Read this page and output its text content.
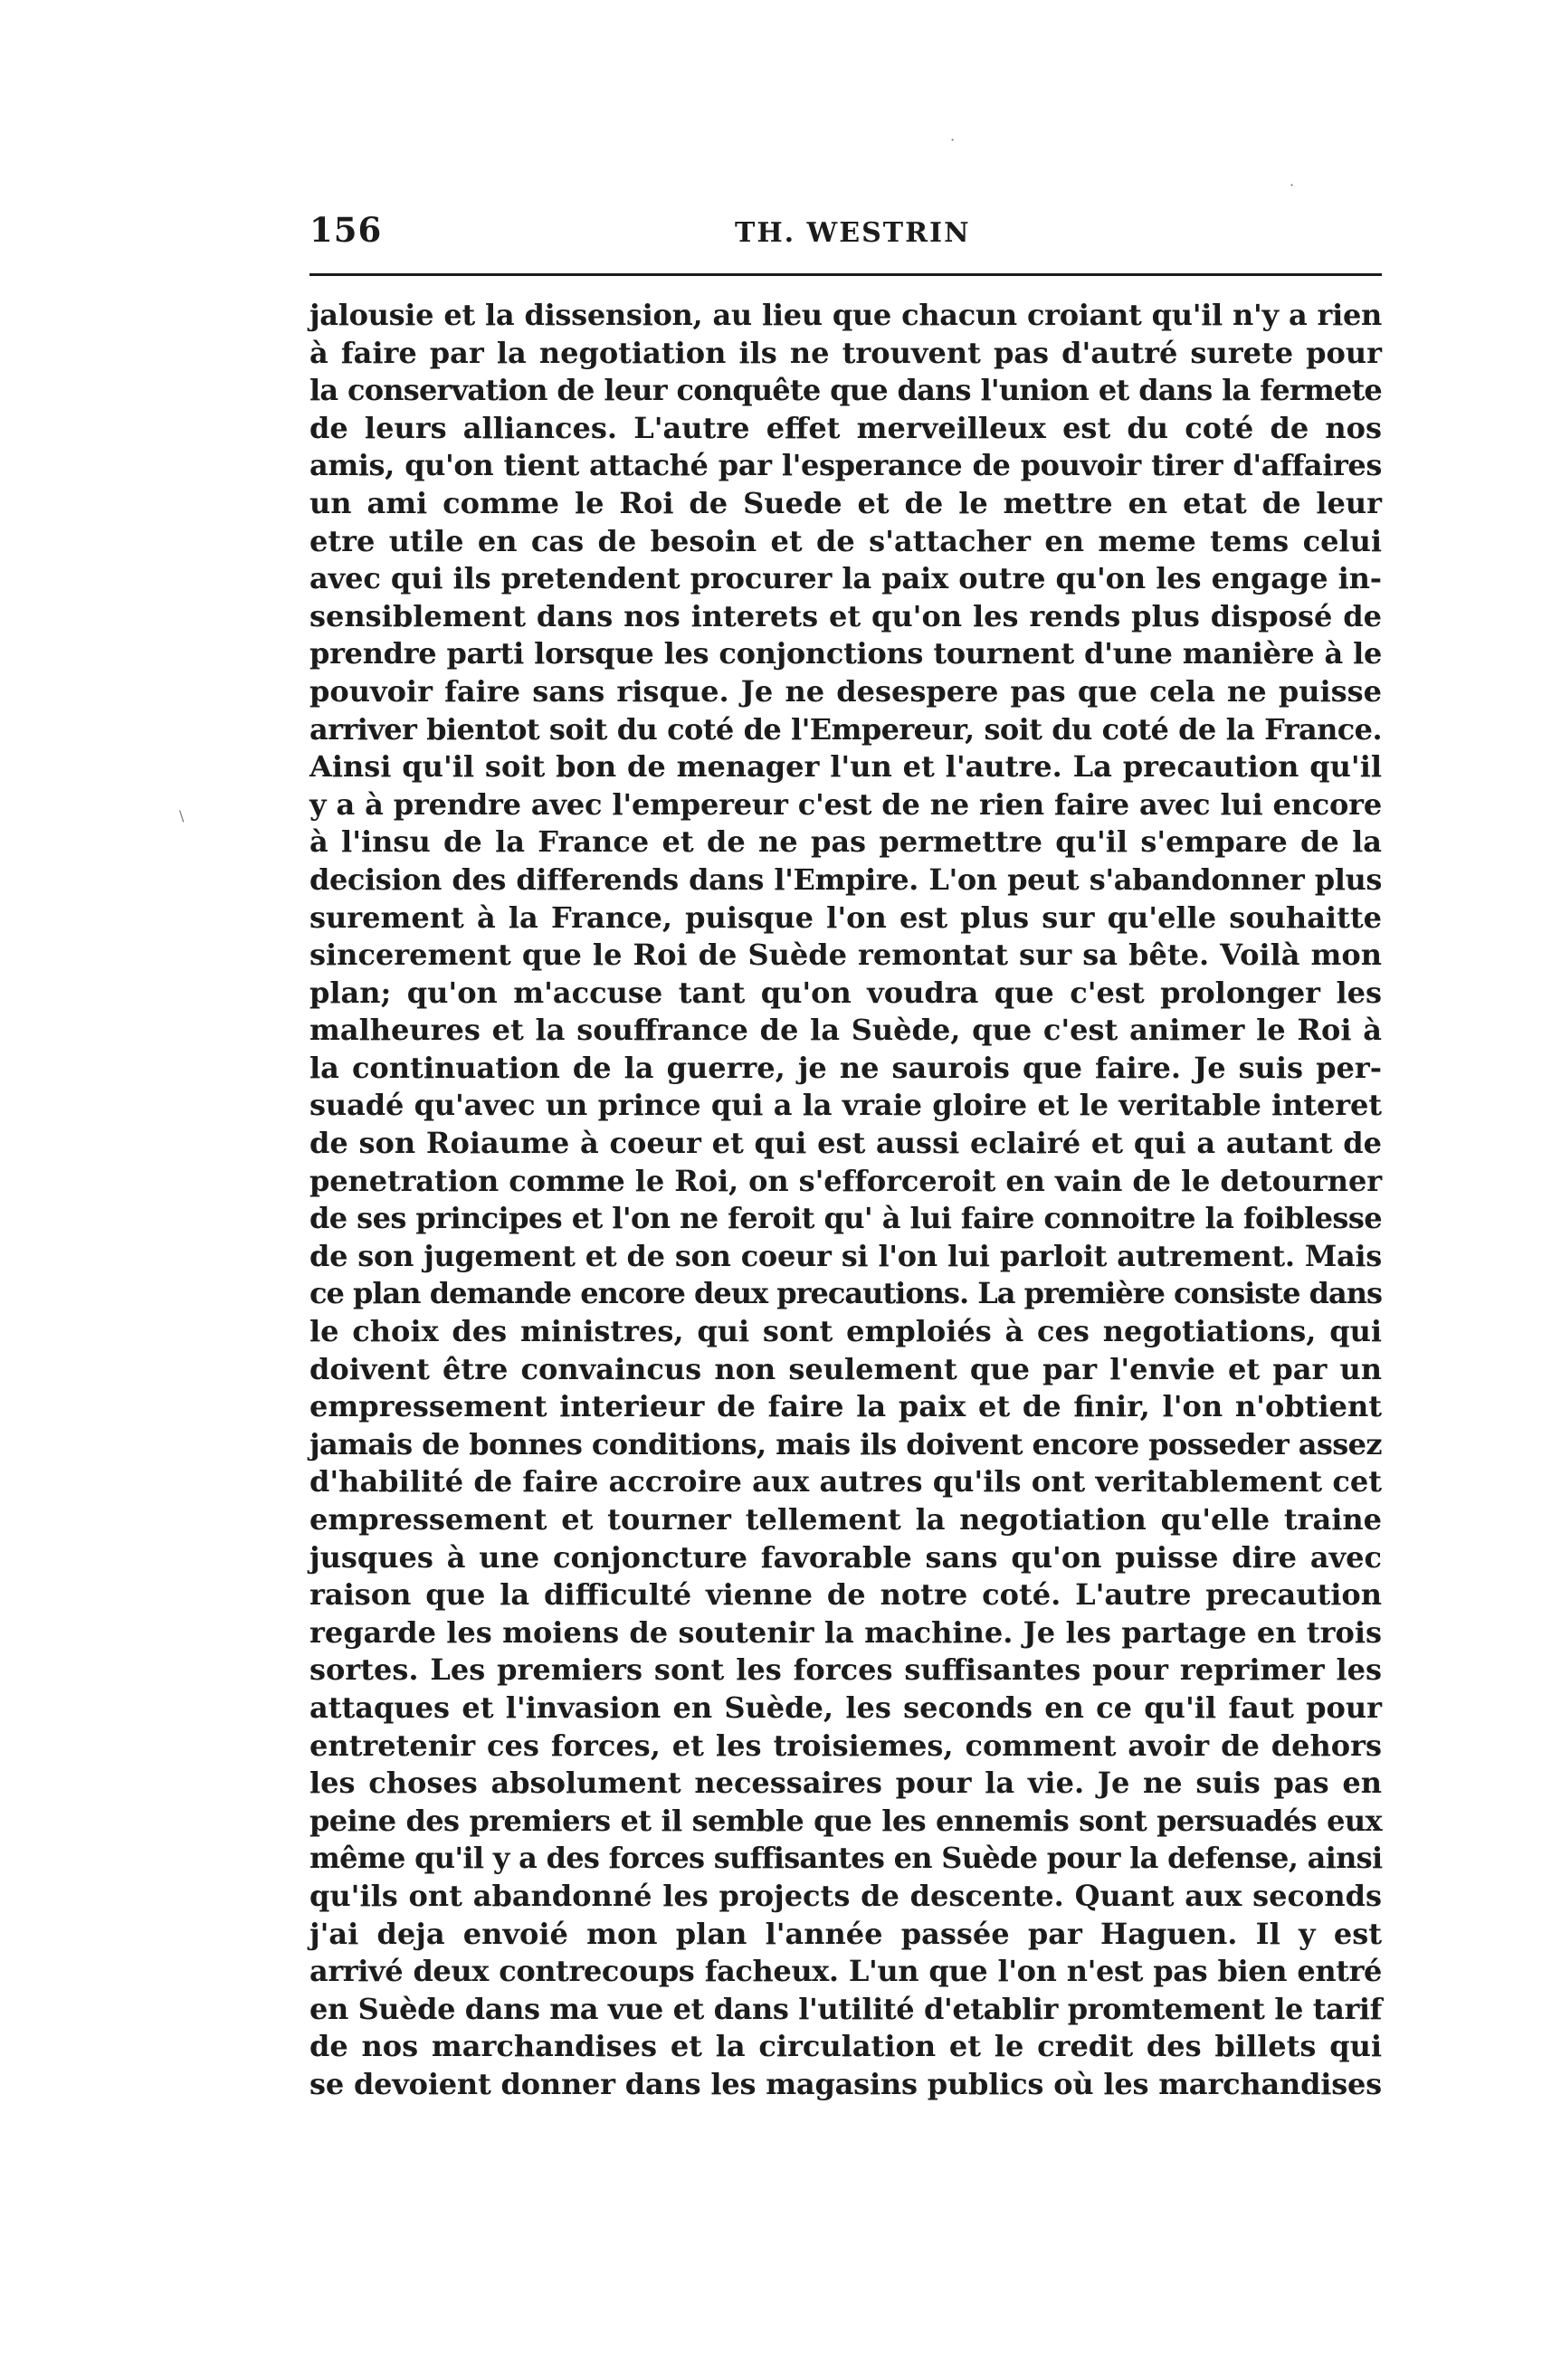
156	TH. WESTRIN
jalousie et la dissension, au lieu que chacun croiant qu'il n'y a rien
à faire par la negotiation ils ne trouvent pas d'autré surete pour
la conservation de leur conquête que dans l'union et dans la fermete
de leurs alliances. L'autre effet merveilleux est du coté de nos
amis, qu'on tient attaché par l'esperance de pouvoir tirer d'affaires
un ami comme le Roi de Suede et de le mettre en etat de leur
etre utile en cas de besoin et de s'attacher en meme tems celui
avec qui ils pretendent procurer la paix outre qu'on les engage in-
sensiblement dans nos interets et qu'on les rends plus disposé de
prendre parti lorsque les conjonctions tournent d'une manière à le
pouvoir faire sans risque. Je ne desespere pas que cela ne puisse
arriver bientot soit du coté de l'Empereur, soit du coté de la France.
Ainsi qu'il soit bon de menager l'un et l'autre. La precaution qu'il
y a à prendre avec l'empereur c'est de ne rien faire avec lui encore
à l'insu de la France et de ne pas permettre qu'il s'empare de la
decision des differends dans l'Empire. L'on peut s'abandonner plus
surement à la France, puisque l'on est plus sur qu'elle souhaitte
sincerement que le Roi de Suède remontat sur sa bête. Voilà mon
plan; qu'on m'accuse tant qu'on voudra que c'est prolonger les
malheures et la souffrance de la Suède, que c'est animer le Roi à
la continuation de la guerre, je ne saurois que faire. Je suis per-
suadé qu'avec un prince qui a la vraie gloire et le veritable interet
de son Roiaume à coeur et qui est aussi eclairé et qui a autant de
penetration comme le Roi, on s'efforceroit en vain de le detourner
de ses principes et l'on ne feroit qu' à lui faire connoitre la foiblesse
de son jugement et de son coeur si l'on lui parloit autrement. Mais
ce plan demande encore deux precautions. La première consiste dans
le choix des ministres, qui sont emploiés à ces negotiations, qui
doivent être convaincus non seulement que par l'envie et par un
empressement interieur de faire la paix et de finir, l'on n'obtient
jamais de bonnes conditions, mais ils doivent encore posseder assez
d'habilité de faire accroire aux autres qu'ils ont veritablement cet
empressement et tourner tellement la negotiation qu'elle traine
jusques à une conjoncture favorable sans qu'on puisse dire avec
raison que la difficulté vienne de notre coté. L'autre precaution
regarde les moiens de soutenir la machine. Je les partage en trois
sortes. Les premiers sont les forces suffisantes pour reprimer les
attaques et l'invasion en Suède, les seconds en ce qu'il faut pour
entretenir ces forces, et les troisiemes, comment avoir de dehors
les choses absolument necessaires pour la vie. Je ne suis pas en
peine des premiers et il semble que les ennemis sont persuadés eux
même qu'il y a des forces suffisantes en Suède pour la defense, ainsi
qu'ils ont abandonné les projects de descente. Quant aux seconds
j'ai deja envoié mon plan l'année passée par Haguen. Il y est
arrivé deux contrecoups facheux. L'un que l'on n'est pas bien entré
en Suède dans ma vue et dans l'utilité d'etablir promtement le tarif
de nos marchandises et la circulation et le credit des billets qui
se devoient donner dans les magasins publics où les marchandises
·
·
\
